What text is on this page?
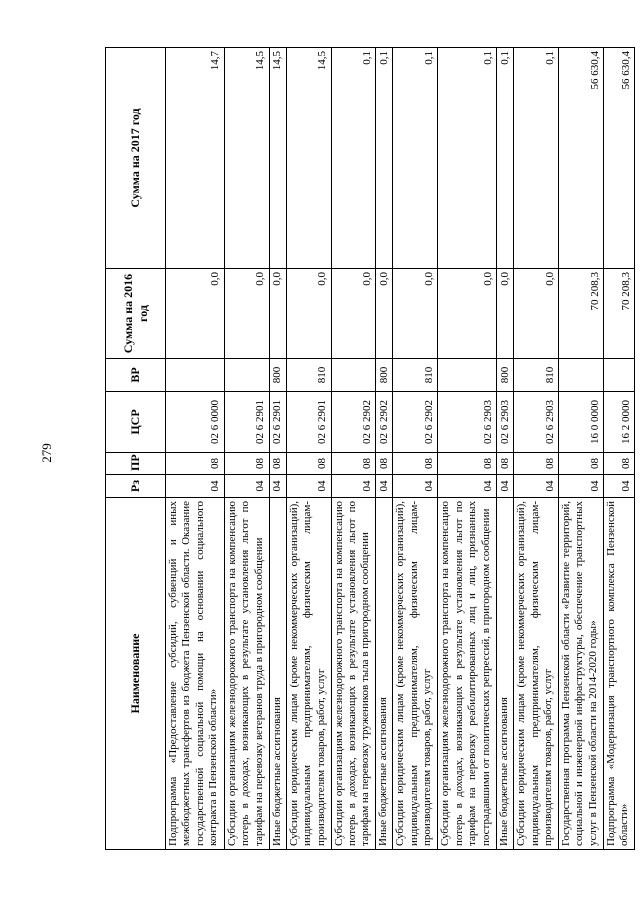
279
Наименование	Рз	ПР	ЦСР	ВР	Сумма на 2016 год	Сумма на 2017 год
Подпрограмма «Предоставление субсидий, субвенций и иных межбюджетных трансфертов из бюджета Пензенской области. Оказание государственной социальной помощи на основании социального контракта в Пензенской области»	04	08	02 6 0000		0,0	14,7
Субсидии организациям железнодорожного транспорта на компенсацию потерь в доходах, возникающих в результате установления льгот по тарифам на перевозку ветеранов труда в пригородном сообщении	04	08	02 6 2901		0,0	14,5
Иные бюджетные ассигнования	04	08	02 6 2901	800	0,0	14,5
Субсидии юридическим лицам (кроме некоммерческих организаций), индивидуальным предпринимателям, физическим лицам-производителям товаров, работ, услуг	04	08	02 6 2901	810	0,0	14,5
Субсидии организациям железнодорожного транспорта на компенсацию потерь в доходах, возникающих в результате установления льгот по тарифам на перевозку тружеников тыла в пригородном сообщении	04	08	02 6 2902		0,0	0,1
Иные бюджетные ассигнования	04	08	02 6 2902	800	0,0	0,1
Субсидии юридическим лицам (кроме некоммерческих организаций), индивидуальным предпринимателям, физическим лицам-производителям товаров, работ, услуг	04	08	02 6 2902	810	0,0	0,1
Субсидии организациям железнодорожного транспорта на компенсацию потерь в доходах, возникающих в результате установления льгот по тарифам на перевозку реабилитированных лиц и лиц, признанных пострадавшими от политических репрессий, в пригородном сообщении	04	08	02 6 2903		0,0	0,1
Иные бюджетные ассигнования	04	08	02 6 2903	800	0,0	0,1
Субсидии юридическим лицам (кроме некоммерческих организаций), индивидуальным предпринимателям, физическим лицам-производителям товаров, работ, услуг	04	08	02 6 2903	810	0,0	0,1
Государственная программа Пензенской области «Развитие территорий, социальной и инженерной инфраструктуры, обеспечение транспортных услуг в Пензенской области на 2014-2020 годы»	04	08	16 0 0000		70 208,3	56 630,4
Подпрограмма «Модернизация транспортного комплекса Пензенской области»	04	08	16 2 0000		70 208,3	56 630,4
